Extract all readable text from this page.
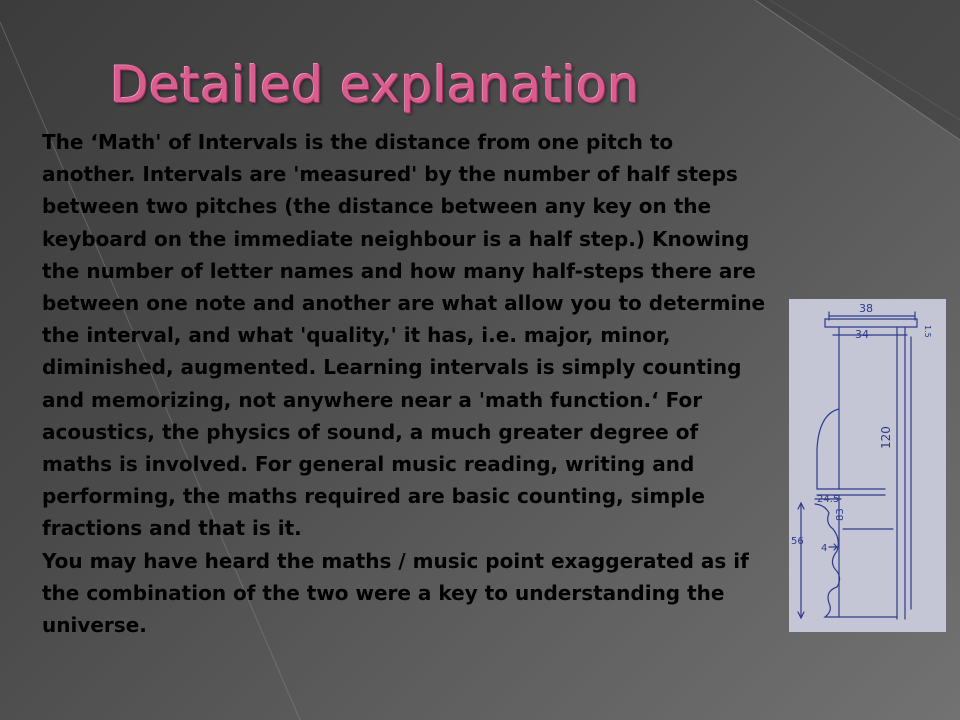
Detailed explanation

The ‘Math' of Intervals is the distance from one pitch to another. Intervals are 'measured' by the number of half steps between two pitches (the distance between any key on the keyboard on the immediate neighbour is a half step.) Knowing the number of letter names and how many half-steps there are between one note and another are what allow you to determine the interval, and what 'quality,' it has, i.e. major, minor, diminished, augmented. Learning intervals is simply counting and memorizing, not anywhere near a 'math function.‘ For acoustics, the physics of sound, a much greater degree of maths is involved. For general music reading, writing and performing, the maths required are basic counting, simple fractions and that is it.

You may have heard the maths / music point exaggerated as if the combination of the two were a key to understanding the universe.

38
34	1.5
120
24.5
83
56
4
